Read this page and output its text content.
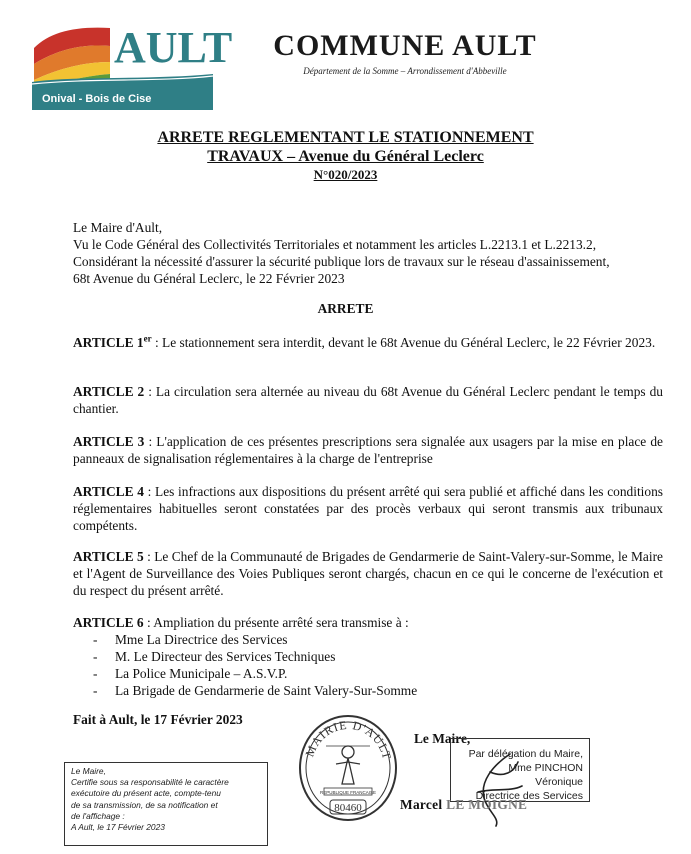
AULT
Onival - Bois de Cise
COMMUNE AULT
Département de la Somme – Arrondissement d'Abbeville
ARRETE REGLEMENTANT LE STATIONNEMENT
TRAVAUX – Avenue du Général Leclerc
N°020/2023
Le Maire d'Ault,
Vu le Code Général des Collectivités Territoriales et notamment les articles L.2213.1 et L.2213.2,
Considérant la nécessité d'assurer la sécurité publique lors de travaux sur le réseau d'assainissement,
68t Avenue du Général Leclerc, le 22 Février 2023
ARRETE

ARTICLE 1er : Le stationnement sera interdit, devant le 68t Avenue du Général Leclerc, le 22 Février 2023.

ARTICLE 2 : La circulation sera alternée au niveau du 68t Avenue du Général Leclerc pendant le temps du chantier.

ARTICLE 3 : L'application de ces présentes prescriptions sera signalée aux usagers par la mise en place de panneaux de signalisation réglementaires à la charge de l'entreprise

ARTICLE 4 : Les infractions aux dispositions du présent arrêté qui sera publié et affiché dans les conditions réglementaires habituelles seront constatées par des procès verbaux qui seront transmis aux tribunaux compétents.

ARTICLE 5 : Le Chef de la Communauté de Brigades de Gendarmerie de Saint-Valery-sur-Somme, le Maire et l'Agent de Surveillance des Voies Publiques seront chargés, chacun en ce qui le concerne de l'exécution et du respect du présent arrêté.

ARTICLE 6 : Ampliation du présente arrêté sera transmise à :

- Mme La Directrice des Services
- M. Le Directeur des Services Techniques
- La Police Municipale – A.S.V.P.
- La Brigade de Gendarmerie de Saint Valery-Sur-Somme
Fait à Ault, le 17 Février 2023
Le Maire,
Certifie sous sa responsabilité le caractère
exécutoire du présent acte, compte-tenu
de sa transmission, de sa notification et
de l'affichage :
A Ault, le 17 Février 2023
MAIRIE D'AULT
REPUBLIQUE FRANCAISE
80460
Le Maire,
Par délégation du Maire,
Mme PINCHON Véronique
Directrice des Services
Marcel LE MOIGNE
